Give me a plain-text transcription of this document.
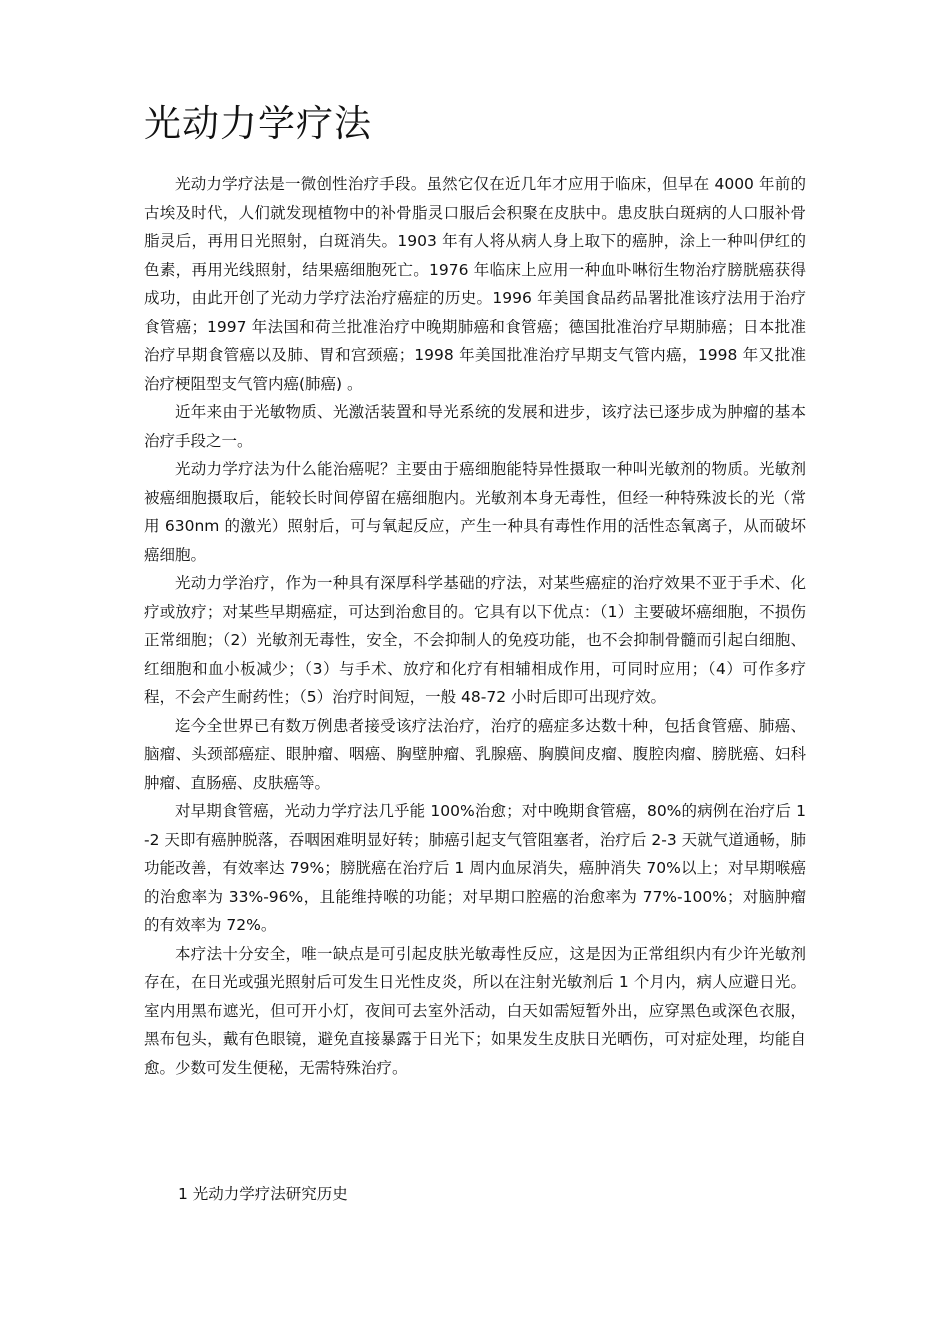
光动力学疗法

光动力学疗法是一微创性治疗手段。虽然它仅在近几年才应用于临床，但早在 4000 年前的古埃及时代，人们就发现植物中的补骨脂灵口服后会积聚在皮肤中。患皮肤白斑病的人口服补骨脂灵后，再用日光照射，白斑消失。1903 年有人将从病人身上取下的癌肿，涂上一种叫伊红的色素，再用光线照射，结果癌细胞死亡。1976 年临床上应用一种血卟啉衍生物治疗膀胱癌获得成功，由此开创了光动力学疗法治疗癌症的历史。1996 年美国食品药品署批准该疗法用于治疗食管癌；1997 年法国和荷兰批准治疗中晚期肺癌和食管癌；德国批准治疗早期肺癌；日本批准治疗早期食管癌以及肺、胃和宫颈癌；1998 年美国批准治疗早期支气管内癌，1998 年又批准治疗梗阻型支气管内癌(肺癌) 。

近年来由于光敏物质、光激活装置和导光系统的发展和进步，该疗法已逐步成为肿瘤的基本治疗手段之一。

光动力学疗法为什么能治癌呢？主要由于癌细胞能特异性摄取一种叫光敏剂的物质。光敏剂被癌细胞摄取后，能较长时间停留在癌细胞内。光敏剂本身无毒性，但经一种特殊波长的光（常用 630nm 的激光）照射后，可与氧起反应，产生一种具有毒性作用的活性态氧离子，从而破坏癌细胞。

光动力学治疗，作为一种具有深厚科学基础的疗法，对某些癌症的治疗效果不亚于手术、化疗或放疗；对某些早期癌症，可达到治愈目的。它具有以下优点：（1）主要破坏癌细胞，不损伤正常细胞；（2）光敏剂无毒性，安全，不会抑制人的免疫功能，也不会抑制骨髓而引起白细胞、红细胞和血小板减少；（3）与手术、放疗和化疗有相辅相成作用，可同时应用；（4）可作多疗程，不会产生耐药性；（5）治疗时间短，一般 48-72 小时后即可出现疗效。

迄今全世界已有数万例患者接受该疗法治疗，治疗的癌症多达数十种，包括食管癌、肺癌、脑瘤、头颈部癌症、眼肿瘤、咽癌、胸壁肿瘤、乳腺癌、胸膜间皮瘤、腹腔肉瘤、膀胱癌、妇科肿瘤、直肠癌、皮肤癌等。

对早期食管癌，光动力学疗法几乎能 100%治愈；对中晚期食管癌，80%的病例在治疗后 1-2 天即有癌肿脱落，吞咽困难明显好转；肺癌引起支气管阻塞者，治疗后 2-3 天就气道通畅，肺功能改善，有效率达 79%；膀胱癌在治疗后 1 周内血尿消失，癌肿消失 70%以上；对早期喉癌的治愈率为 33%-96%，且能维持喉的功能；对早期口腔癌的治愈率为 77%-100%；对脑肿瘤的有效率为 72%。

本疗法十分安全，唯一缺点是可引起皮肤光敏毒性反应，这是因为正常组织内有少许光敏剂存在，在日光或强光照射后可发生日光性皮炎，所以在注射光敏剂后 1 个月内，病人应避日光。室内用黑布遮光，但可开小灯，夜间可去室外活动，白天如需短暂外出，应穿黑色或深色衣服，黑布包头，戴有色眼镜，避免直接暴露于日光下；如果发生皮肤日光晒伤，可对症处理，均能自愈。少数可发生便秘，无需特殊治疗。

1 光动力学疗法研究历史
